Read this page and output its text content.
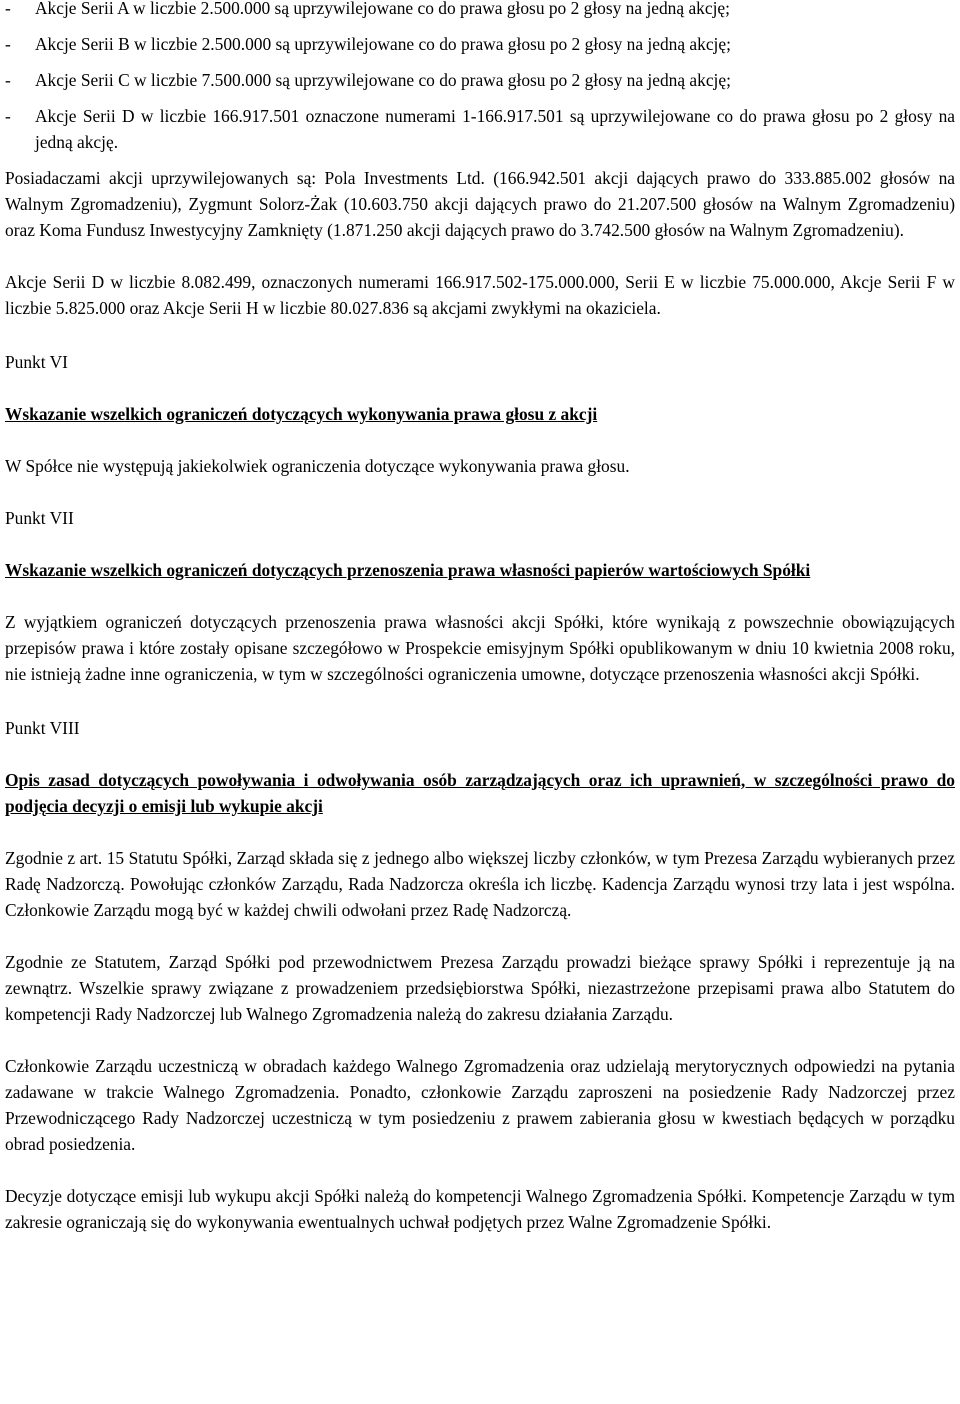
-	Akcje Serii A w liczbie 2.500.000 są uprzywilejowane co do prawa głosu po 2 głosy na jedną akcję;
-	Akcje Serii B w liczbie 2.500.000 są uprzywilejowane co do prawa głosu po 2 głosy na jedną akcję;
-	Akcje Serii C w liczbie 7.500.000 są uprzywilejowane co do prawa głosu po 2 głosy na jedną akcję;
-	Akcje Serii D w liczbie 166.917.501 oznaczone numerami 1-166.917.501 są uprzywilejowane co do prawa głosu po 2 głosy na jedną akcję.

Posiadaczami akcji uprzywilejowanych są: Pola Investments Ltd. (166.942.501 akcji dających prawo do 333.885.002 głosów na Walnym Zgromadzeniu), Zygmunt Solorz-Żak (10.603.750 akcji dających prawo do 21.207.500 głosów na Walnym Zgromadzeniu) oraz Koma Fundusz Inwestycyjny Zamknięty (1.871.250 akcji dających prawo do 3.742.500 głosów na Walnym Zgromadzeniu).

Akcje Serii D w liczbie 8.082.499, oznaczonych numerami 166.917.502-175.000.000, Serii E w liczbie 75.000.000, Akcje Serii F w liczbie 5.825.000 oraz Akcje Serii H w liczbie 80.027.836 są akcjami zwykłymi na okaziciela.

Punkt VI

Wskazanie wszelkich ograniczeń dotyczących wykonywania prawa głosu z akcji

W Spółce nie występują jakiekolwiek ograniczenia dotyczące wykonywania prawa głosu.

Punkt VII

Wskazanie wszelkich ograniczeń dotyczących przenoszenia prawa własności papierów wartościowych Spółki

Z wyjątkiem ograniczeń dotyczących przenoszenia prawa własności akcji Spółki, które wynikają z powszechnie obowiązujących przepisów prawa i które zostały opisane szczegółowo w Prospekcie emisyjnym Spółki opublikowanym w dniu 10 kwietnia 2008 roku, nie istnieją żadne inne ograniczenia, w tym w szczególności ograniczenia umowne, dotyczące przenoszenia własności akcji Spółki.

Punkt VIII

Opis zasad dotyczących powoływania i odwoływania osób zarządzających oraz ich uprawnień, w szczególności prawo do podjęcia decyzji o emisji lub wykupie akcji

Zgodnie z art. 15 Statutu Spółki, Zarząd składa się z jednego albo większej liczby członków, w tym Prezesa Zarządu wybieranych przez Radę Nadzorczą. Powołując członków Zarządu, Rada Nadzorcza określa ich liczbę. Kadencja Zarządu wynosi trzy lata i jest wspólna. Członkowie Zarządu mogą być w każdej chwili odwołani przez Radę Nadzorczą.

Zgodnie ze Statutem, Zarząd Spółki pod przewodnictwem Prezesa Zarządu prowadzi bieżące sprawy Spółki i reprezentuje ją na zewnątrz. Wszelkie sprawy związane z prowadzeniem przedsiębiorstwa Spółki, niezastrzeżone przepisami prawa albo Statutem do kompetencji Rady Nadzorczej lub Walnego Zgromadzenia należą do zakresu działania Zarządu.

Członkowie Zarządu uczestniczą w obradach każdego Walnego Zgromadzenia oraz udzielają merytorycznych odpowiedzi na pytania zadawane w trakcie Walnego Zgromadzenia. Ponadto, członkowie Zarządu zaproszeni na posiedzenie Rady Nadzorczej przez Przewodniczącego Rady Nadzorczej uczestniczą w tym posiedzeniu z prawem zabierania głosu w kwestiach będących w porządku obrad posiedzenia.

Decyzje dotyczące emisji lub wykupu akcji Spółki należą do kompetencji Walnego Zgromadzenia Spółki. Kompetencje Zarządu w tym zakresie ograniczają się do wykonywania ewentualnych uchwał podjętych przez Walne Zgromadzenie Spółki.
